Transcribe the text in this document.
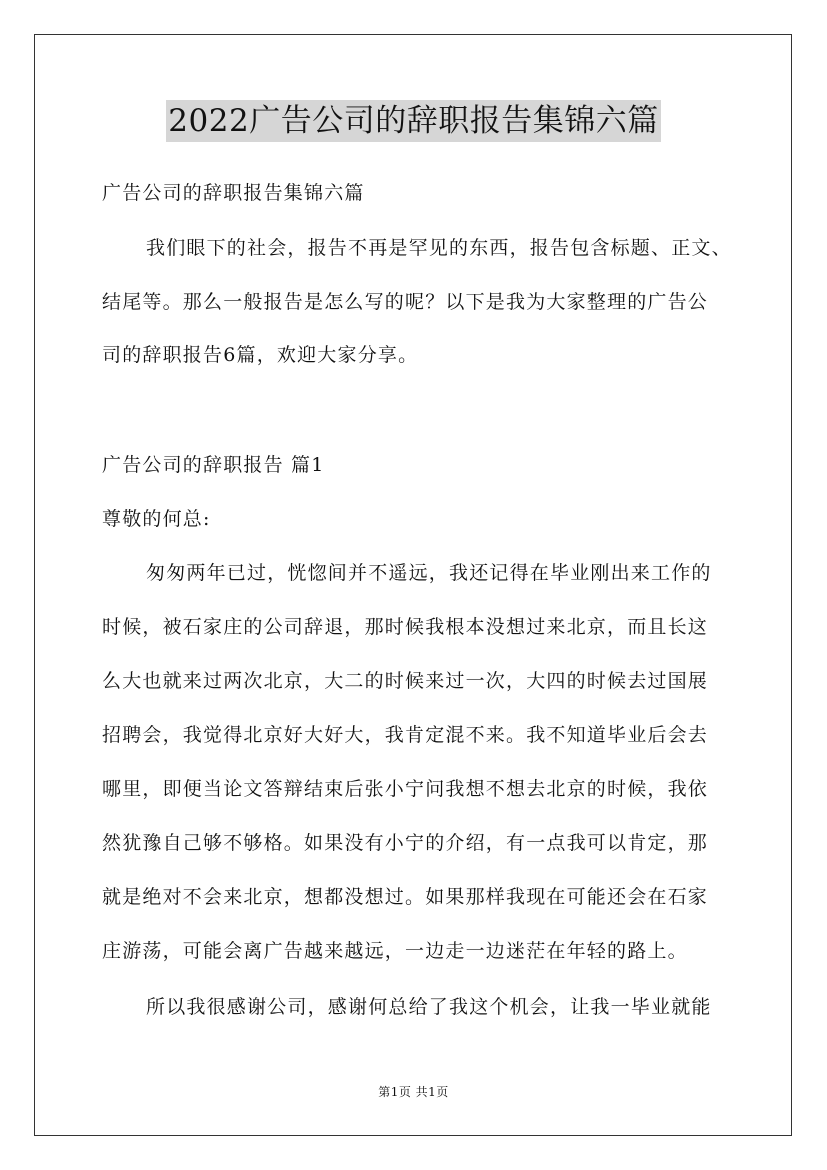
2022广告公司的辞职报告集锦六篇
广告公司的辞职报告集锦六篇
我们眼下的社会，报告不再是罕见的东西，报告包含标题、正文、
结尾等。那么一般报告是怎么写的呢？以下是我为大家整理的广告公
司的辞职报告6篇，欢迎大家分享。
广告公司的辞职报告 篇1
尊敬的何总:
匆匆两年已过，恍惚间并不遥远，我还记得在毕业刚出来工作的
时候，被石家庄的公司辞退，那时候我根本没想过来北京，而且长这
么大也就来过两次北京，大二的时候来过一次，大四的时候去过国展
招聘会，我觉得北京好大好大，我肯定混不来。我不知道毕业后会去
哪里，即便当论文答辩结束后张小宁问我想不想去北京的时候，我依
然犹豫自己够不够格。如果没有小宁的介绍，有一点我可以肯定，那
就是绝对不会来北京，想都没想过。如果那样我现在可能还会在石家
庄游荡，可能会离广告越来越远，一边走一边迷茫在年轻的路上。
所以我很感谢公司，感谢何总给了我这个机会，让我一毕业就能
第1页 共1页
